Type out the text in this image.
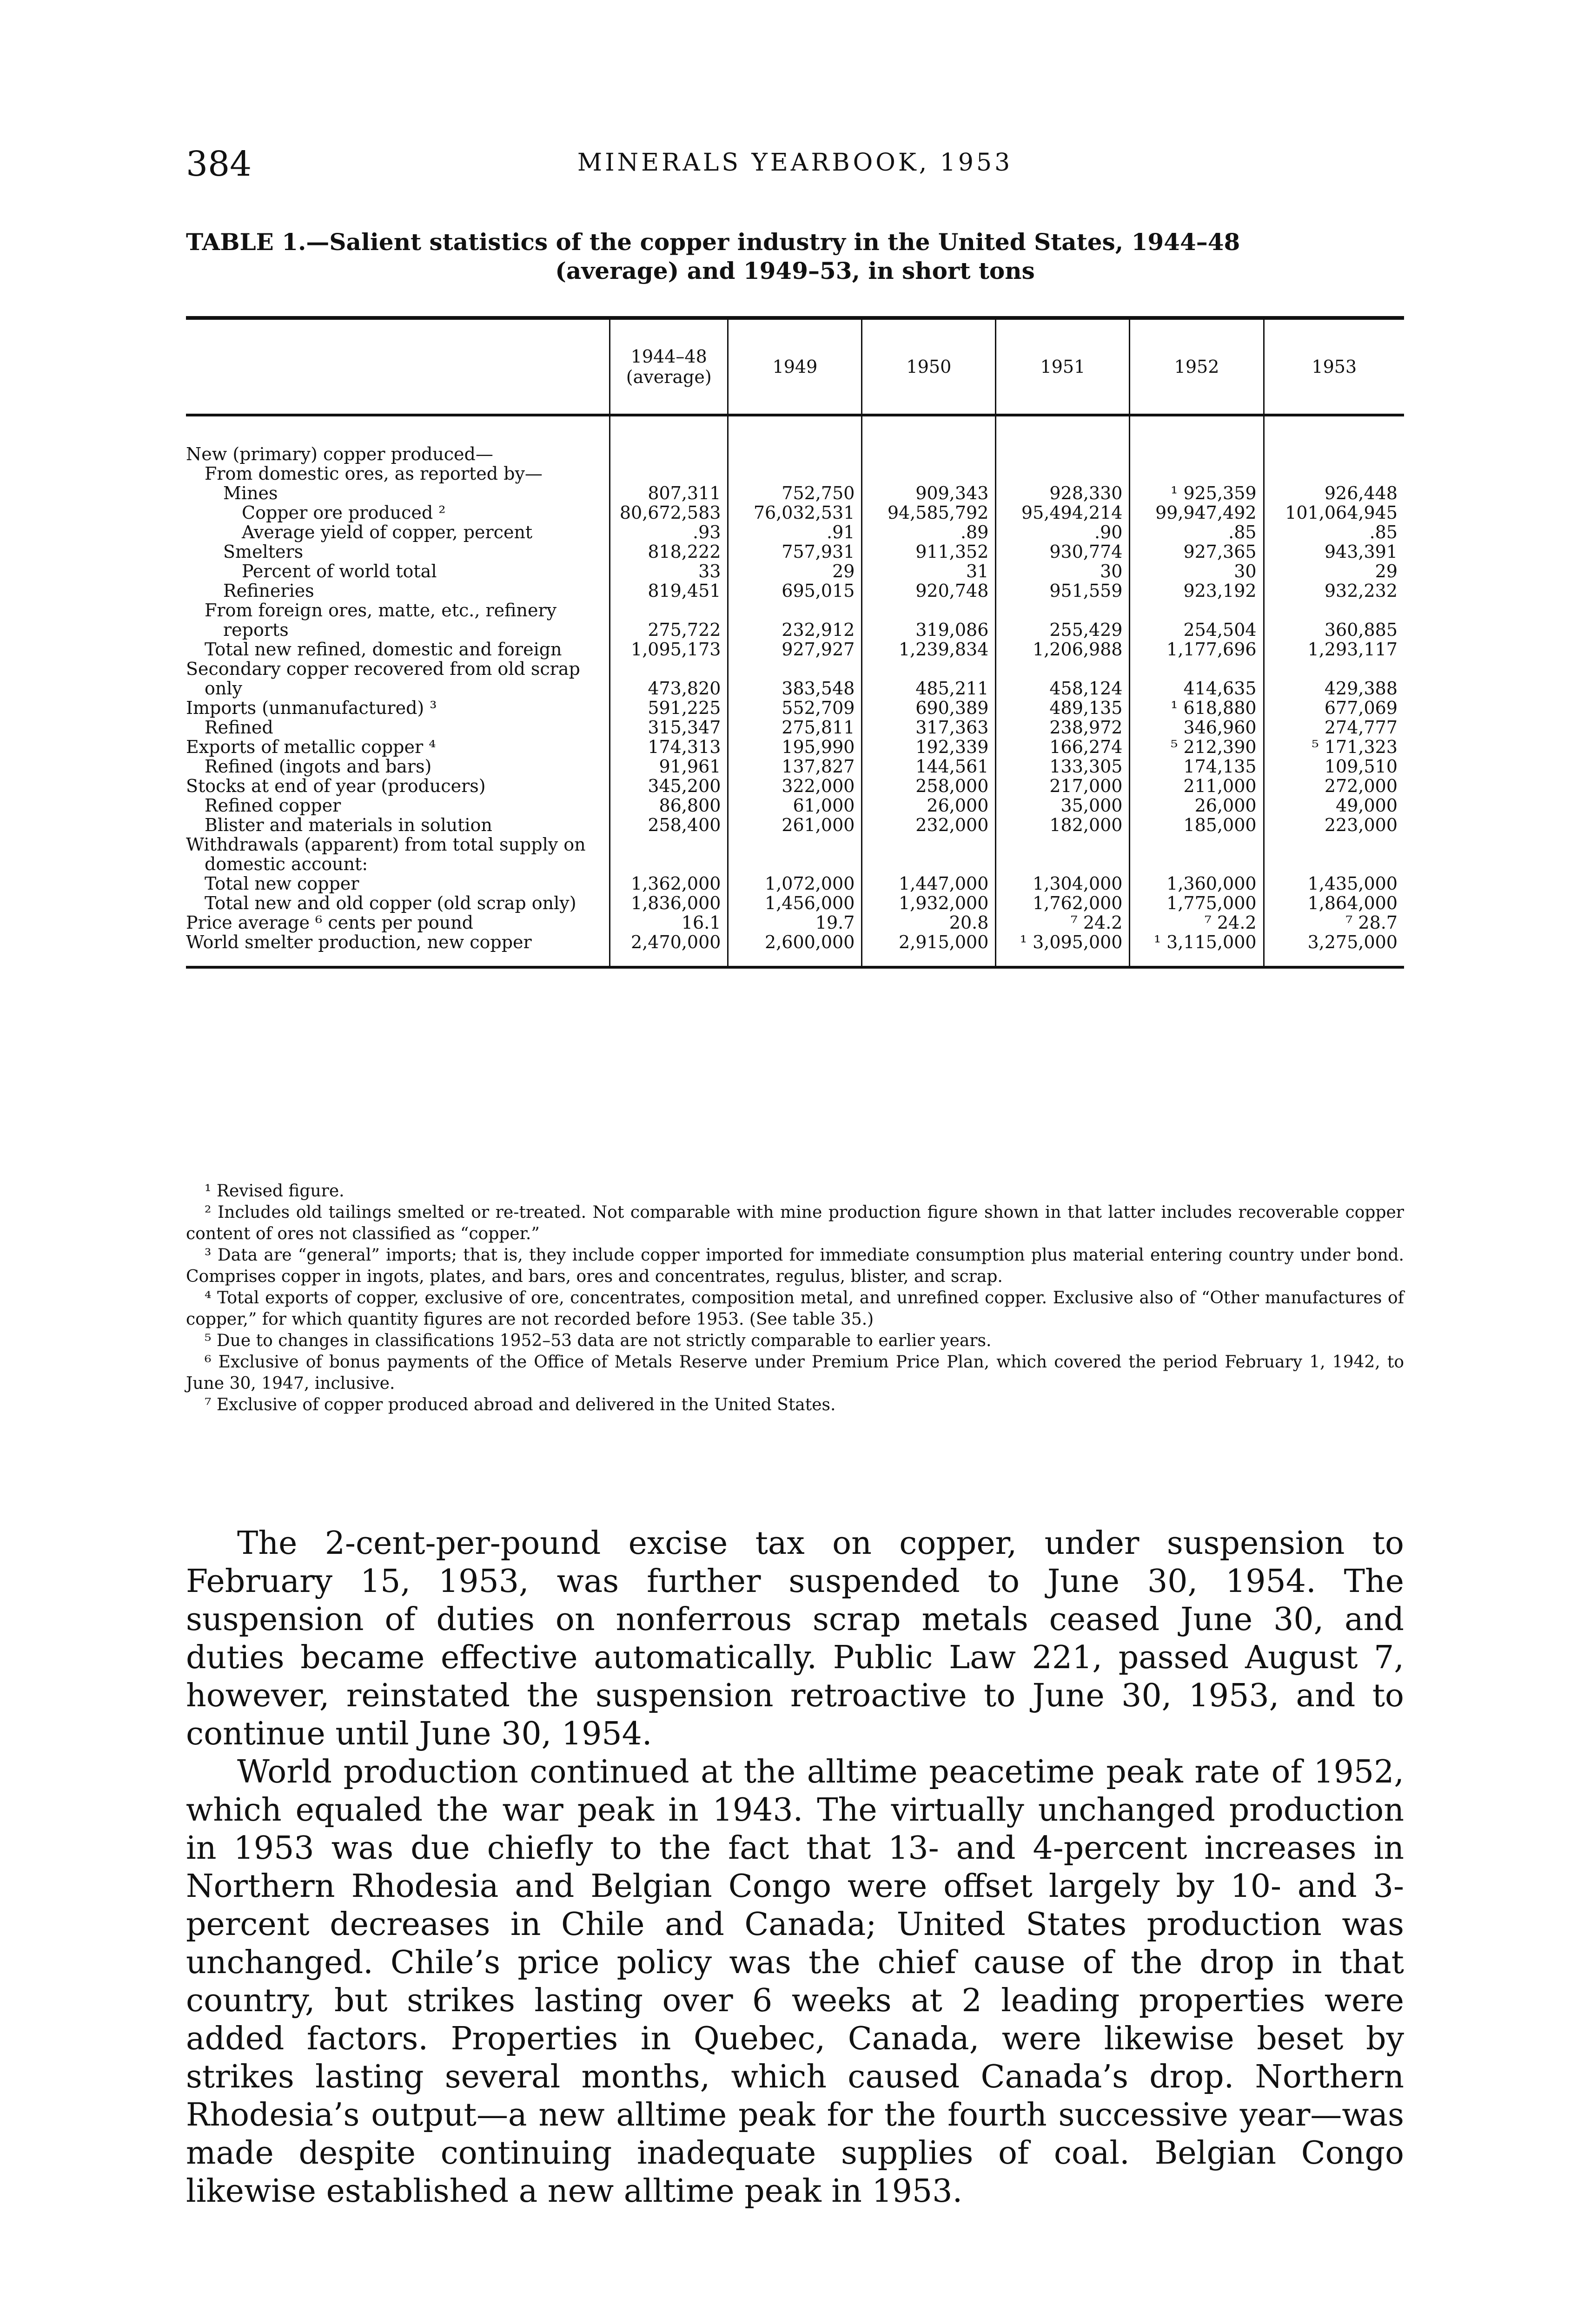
384	MINERALS YEARBOOK, 1953
TABLE 1.—Salient statistics of the copper industry in the United States, 1944–48
(average) and 1949–53, in short tons
	1944–48 (average)	1949	1950	1951	1952	1953

New (primary) copper produced—						

From domestic ores, as reported by—						

Mines	807,311	752,750	909,343	928,330	¹ 925,359	926,448

Copper ore produced ²	80,672,583	76,032,531	94,585,792	95,494,214	99,947,492	101,064,945

Average yield of copper, percent	.93	.91	.89	.90	.85	.85

Smelters	818,222	757,931	911,352	930,774	927,365	943,391

Percent of world total	33	29	31	30	30	29

Refineries	819,451	695,015	920,748	951,559	923,192	932,232

From foreign ores, matte, etc., refinery reports	275,722	232,912	319,086	255,429	254,504	360,885

Total new refined, domestic and foreign	1,095,173	927,927	1,239,834	1,206,988	1,177,696	1,293,117

Secondary copper recovered from old scrap only	473,820	383,548	485,211	458,124	414,635	429,388

Imports (unmanufactured) ³	591,225	552,709	690,389	489,135	¹ 618,880	677,069

Refined	315,347	275,811	317,363	238,972	346,960	274,777

Exports of metallic copper ⁴	174,313	195,990	192,339	166,274	⁵ 212,390	⁵ 171,323

Refined (ingots and bars)	91,961	137,827	144,561	133,305	174,135	109,510

Stocks at end of year (producers)	345,200	322,000	258,000	217,000	211,000	272,000

Refined copper	86,800	61,000	26,000	35,000	26,000	49,000

Blister and materials in solution	258,400	261,000	232,000	182,000	185,000	223,000

Withdrawals (apparent) from total supply on domestic account:						

Total new copper	1,362,000	1,072,000	1,447,000	1,304,000	1,360,000	1,435,000

Total new and old copper (old scrap only)	1,836,000	1,456,000	1,932,000	1,762,000	1,775,000	1,864,000

Price average ⁶ cents per pound	16.1	19.7	20.8	⁷ 24.2	⁷ 24.2	⁷ 28.7

World smelter production, new copper	2,470,000	2,600,000	2,915,000	¹ 3,095,000	¹ 3,115,000	3,275,000

¹ Revised figure.

² Includes old tailings smelted or re-treated. Not comparable with mine production figure shown in that latter includes recoverable copper content of ores not classified as “copper.”

³ Data are “general” imports; that is, they include copper imported for immediate consumption plus material entering country under bond. Comprises copper in ingots, plates, and bars, ores and concentrates, regulus, blister, and scrap.

⁴ Total exports of copper, exclusive of ore, concentrates, composition metal, and unrefined copper. Exclusive also of “Other manufactures of copper,” for which quantity figures are not recorded before 1953. (See table 35.)

⁵ Due to changes in classifications 1952–53 data are not strictly comparable to earlier years.

⁶ Exclusive of bonus payments of the Office of Metals Reserve under Premium Price Plan, which covered the period February 1, 1942, to June 30, 1947, inclusive.

⁷ Exclusive of copper produced abroad and delivered in the United States.

The 2-cent-per-pound excise tax on copper, under suspension to February 15, 1953, was further suspended to June 30, 1954. The suspension of duties on nonferrous scrap metals ceased June 30, and duties became effective automatically. Public Law 221, passed August 7, however, reinstated the suspension retroactive to June 30, 1953, and to continue until June 30, 1954.

World production continued at the alltime peacetime peak rate of 1952, which equaled the war peak in 1943. The virtually unchanged production in 1953 was due chiefly to the fact that 13- and 4-percent increases in Northern Rhodesia and Belgian Congo were offset largely by 10- and 3-percent decreases in Chile and Canada; United States production was unchanged. Chile’s price policy was the chief cause of the drop in that country, but strikes lasting over 6 weeks at 2 leading properties were added factors. Properties in Quebec, Canada, were likewise beset by strikes lasting several months, which caused Canada’s drop. Northern Rhodesia’s output—a new alltime peak for the fourth successive year—was made despite continuing inadequate supplies of coal. Belgian Congo likewise established a new alltime peak in 1953.
